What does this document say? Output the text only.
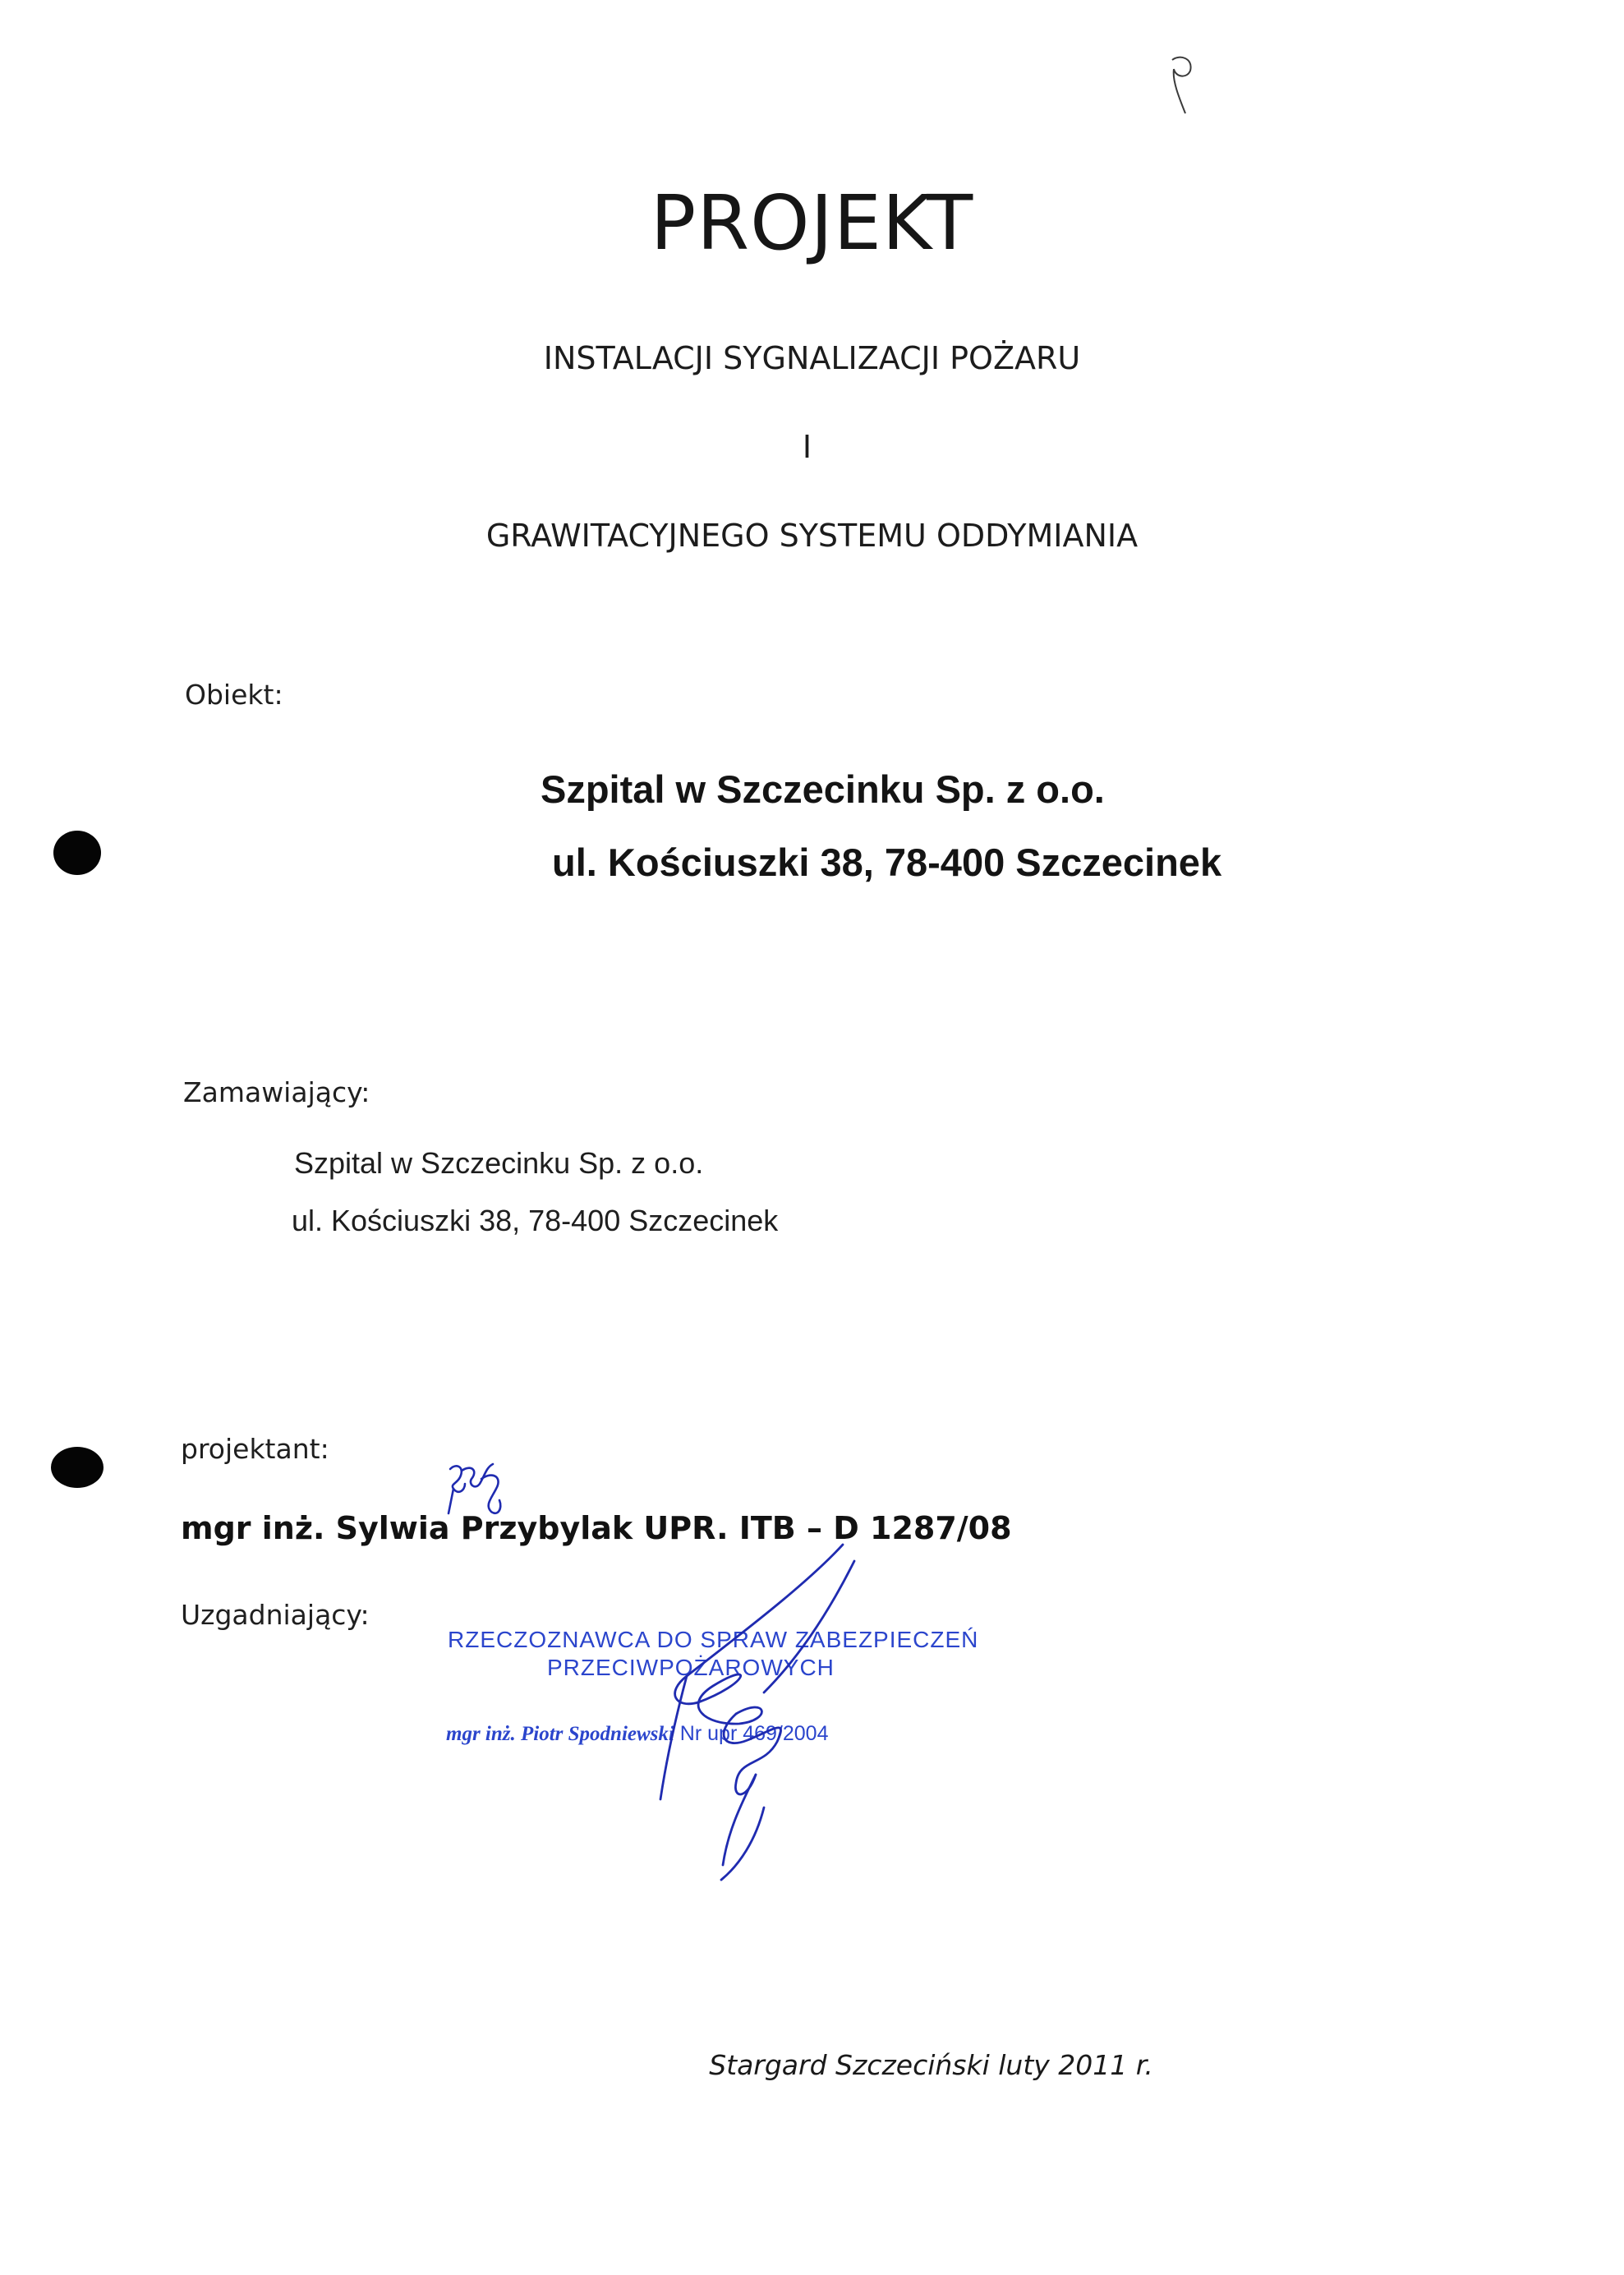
PROJEKT
INSTALACJI SYGNALIZACJI POŻARU
I
GRAWITACYJNEGO SYSTEMU ODDYMIANIA
Obiekt:
Szpital w Szczecinku Sp. z o.o.
ul. Kościuszki 38, 78-400 Szczecinek
Zamawiający:
Szpital w Szczecinku Sp. z o.o.
ul. Kościuszki 38, 78-400 Szczecinek
projektant:
mgr inż. Sylwia Przybylak UPR. ITB – D 1287/08
Uzgadniający:
RZECZOZNAWCA DO SPRAW ZABEZPIECZEŃ
PRZECIWPOŻAROWYCH
mgr inż. Piotr Spodniewski Nr upr 469/2004
Stargard Szczeciński luty 2011 r.
